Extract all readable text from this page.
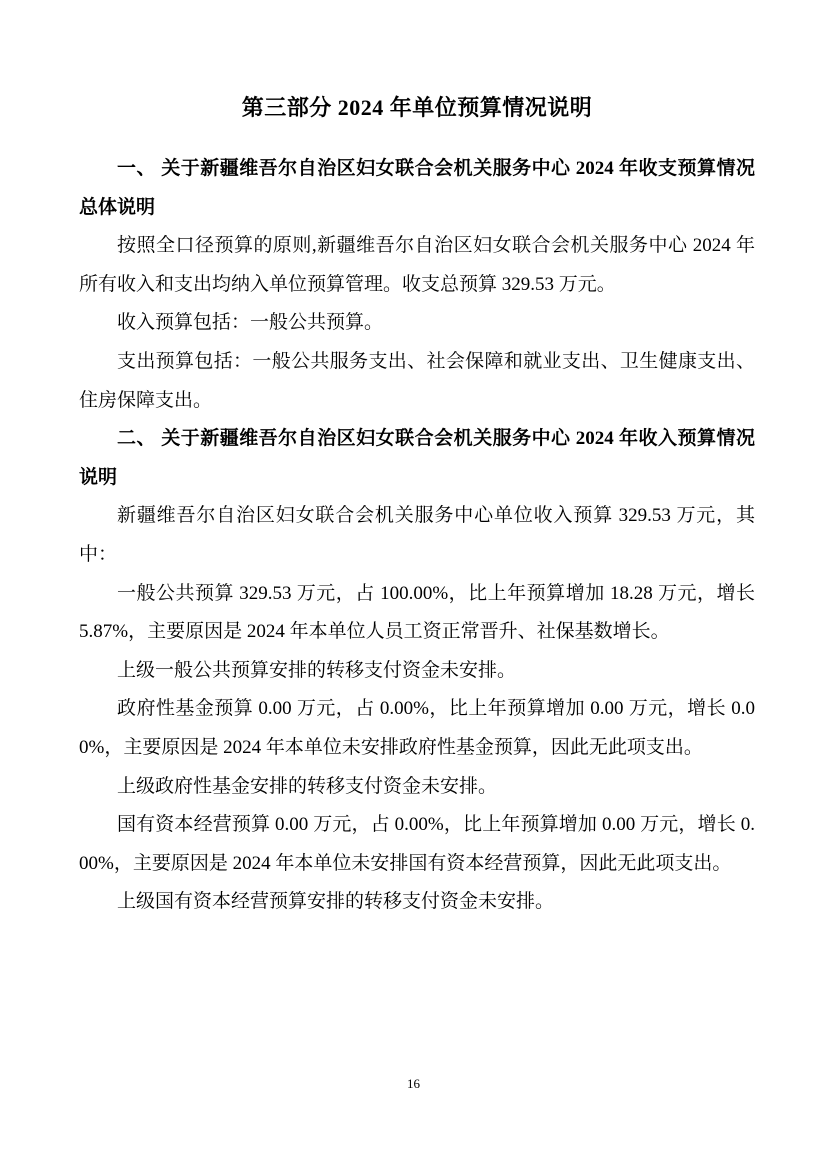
第三部分 2024 年单位预算情况说明

一、 关于新疆维吾尔自治区妇女联合会机关服务中心 2024 年收支预算情况总体说明

按照全口径预算的原则,新疆维吾尔自治区妇女联合会机关服务中心 2024 年所有收入和支出均纳入单位预算管理。收支总预算 329.53 万元。

收入预算包括：一般公共预算。

支出预算包括：一般公共服务支出、社会保障和就业支出、卫生健康支出、住房保障支出。

二、 关于新疆维吾尔自治区妇女联合会机关服务中心 2024 年收入预算情况说明

新疆维吾尔自治区妇女联合会机关服务中心单位收入预算 329.53 万元，其中：

一般公共预算 329.53 万元，占 100.00%，比上年预算增加 18.28 万元，增长 5.87%，主要原因是 2024 年本单位人员工资正常晋升、社保基数增长。

上级一般公共预算安排的转移支付资金未安排。

政府性基金预算 0.00 万元，占 0.00%，比上年预算增加 0.00 万元，增长 0.00%，主要原因是 2024 年本单位未安排政府性基金预算，因此无此项支出。

上级政府性基金安排的转移支付资金未安排。

国有资本经营预算 0.00 万元，占 0.00%，比上年预算增加 0.00 万元，增长 0.00%，主要原因是 2024 年本单位未安排国有资本经营预算，因此无此项支出。

上级国有资本经营预算安排的转移支付资金未安排。

16
